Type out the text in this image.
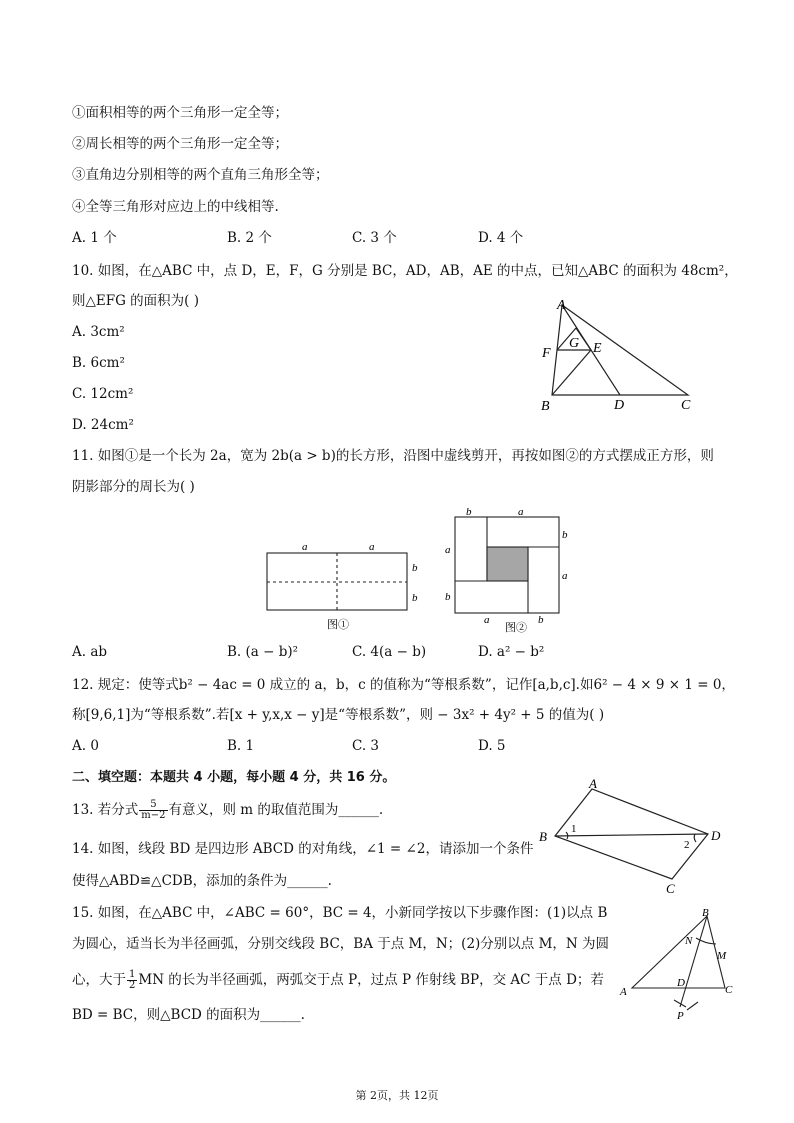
①面积相等的两个三角形一定全等；
②周长相等的两个三角形一定全等；
③直角边分别相等的两个直角三角形全等；
④全等三角形对应边上的中线相等.
A. 1 个	B. 2 个	C. 3 个	D. 4 个
10. 如图，在△ABC 中，点 D，E，F，G 分别是 BC，AD，AB，AE 的中点，已知△ABC 的面积为 48cm²，
则△EFG 的面积为( )
A. 3cm²
B. 6cm²
C. 12cm²
D. 24cm²
A
G
F	E
B	D	C
11. 如图①是一个长为 2a，宽为 2b(a > b)的长方形，沿图中虚线剪开，再按如图②的方式摆成正方形，则
阴影部分的周长为( )
a	a
b
b
图①
b	a
b
a
a
b
a	b
图②
A. ab	B. (a − b)²	C. 4(a − b)	D. a² − b²
12. 规定：使等式b² − 4ac = 0 成立的 a，b，c 的值称为“等根系数”，记作[a,b,c].如6² − 4 × 9 × 1 = 0，
称[9,6,1]为“等根系数”.若[x + y,x,x − y]是“等根系数”，则 − 3x² + 4y² + 5 的值为( )
A. 0	B. 1	C. 3	D. 5
二、填空题：本题共 4 小题，每小题 4 分，共 16 分。
13. 若分式 $\frac{5}{m-2}$ 有意义，则 m 的取值范围为______.
14. 如图，线段 BD 是四边形 ABCD 的对角线，∠1 = ∠2，请添加一个条件
使得△ABD≌△CDB，添加的条件为______.
A
B 1	D
2
C
15. 如图，在△ABC 中，∠ABC = 60°，BC = 4，小新同学按以下步骤作图：(1)以点 B
为圆心，适当长为半径画弧，分别交线段 BC，BA 于点 M，N；(2)分别以点 M，N 为圆
心，大于 $\frac{1}{2}$ MN 的长为半径画弧，两弧交于点 P，过点 P 作射线 BP，交 AC 于点 D；若
BD = BC，则△BCD 的面积为______.
B
N
M
A
D
C
P
第 2页，共 12页
